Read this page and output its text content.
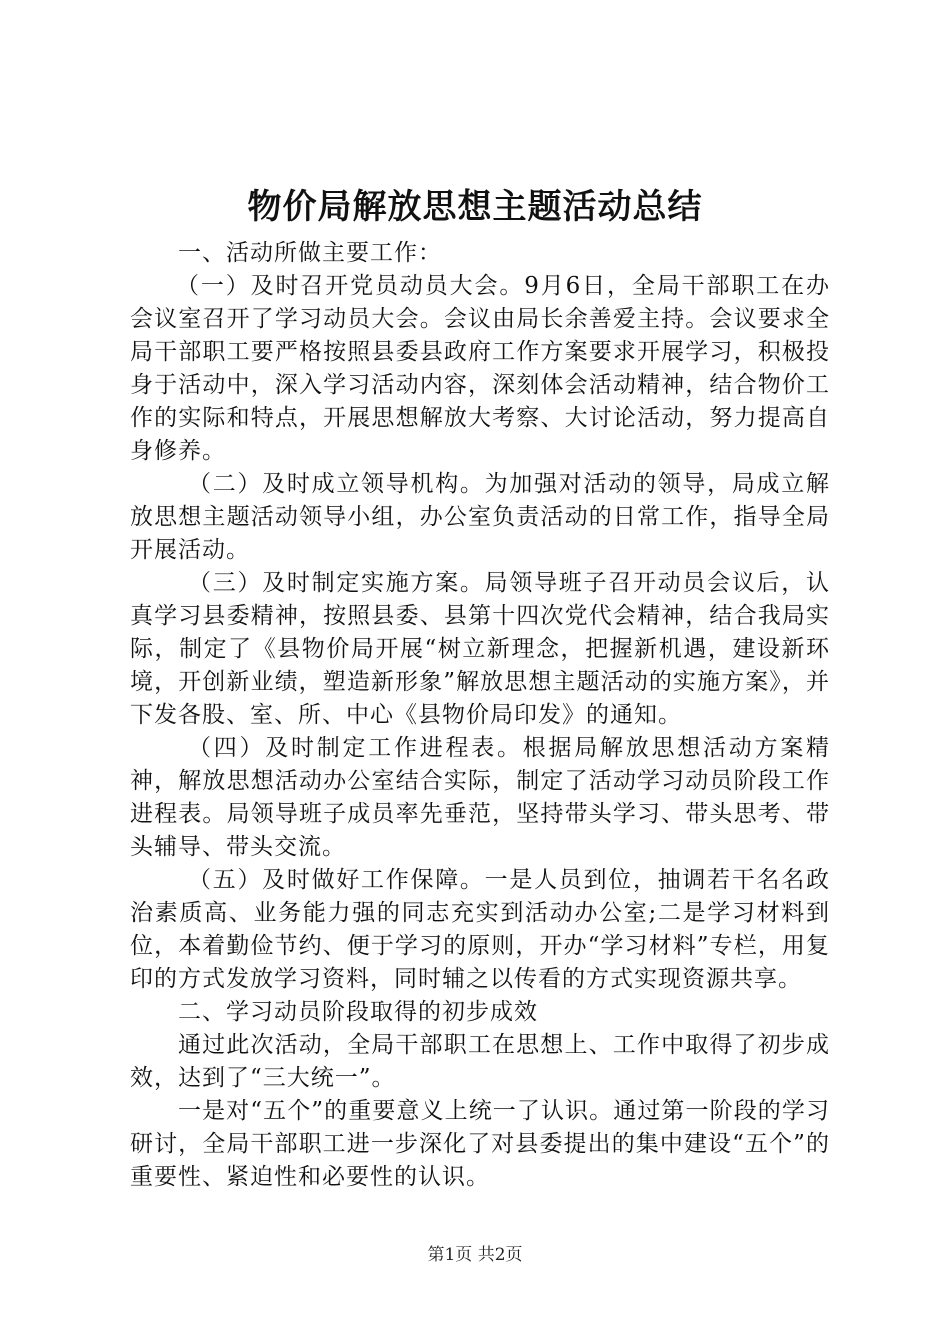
物价局解放思想主题活动总结

一、活动所做主要工作：

（一）及时召开党员动员大会。9月6日，全局干部职工在办会议室召开了学习动员大会。会议由局长余善爱主持。会议要求全局干部职工要严格按照县委县政府工作方案要求开展学习，积极投身于活动中，深入学习活动内容，深刻体会活动精神，结合物价工作的实际和特点，开展思想解放大考察、大讨论活动，努力提高自身修养。

（二）及时成立领导机构。为加强对活动的领导，局成立解放思想主题活动领导小组，办公室负责活动的日常工作，指导全局开展活动。

（三）及时制定实施方案。局领导班子召开动员会议后，认真学习县委精神，按照县委、县第十四次党代会精神，结合我局实际，制定了《县物价局开展“树立新理念，把握新机遇，建设新环境，开创新业绩，塑造新形象”解放思想主题活动的实施方案》，并下发各股、室、所、中心《县物价局印发》的通知。

（四）及时制定工作进程表。根据局解放思想活动方案精神，解放思想活动办公室结合实际，制定了活动学习动员阶段工作进程表。局领导班子成员率先垂范，坚持带头学习、带头思考、带头辅导、带头交流。

（五）及时做好工作保障。一是人员到位，抽调若干名名政治素质高、业务能力强的同志充实到活动办公室;二是学习材料到位，本着勤俭节约、便于学习的原则，开办“学习材料”专栏，用复印的方式发放学习资料，同时辅之以传看的方式实现资源共享。

二、学习动员阶段取得的初步成效

通过此次活动，全局干部职工在思想上、工作中取得了初步成效，达到了“三大统一”。

一是对“五个”的重要意义上统一了认识。通过第一阶段的学习研讨，全局干部职工进一步深化了对县委提出的集中建设“五个”的重要性、紧迫性和必要性的认识。

第1页 共2页
